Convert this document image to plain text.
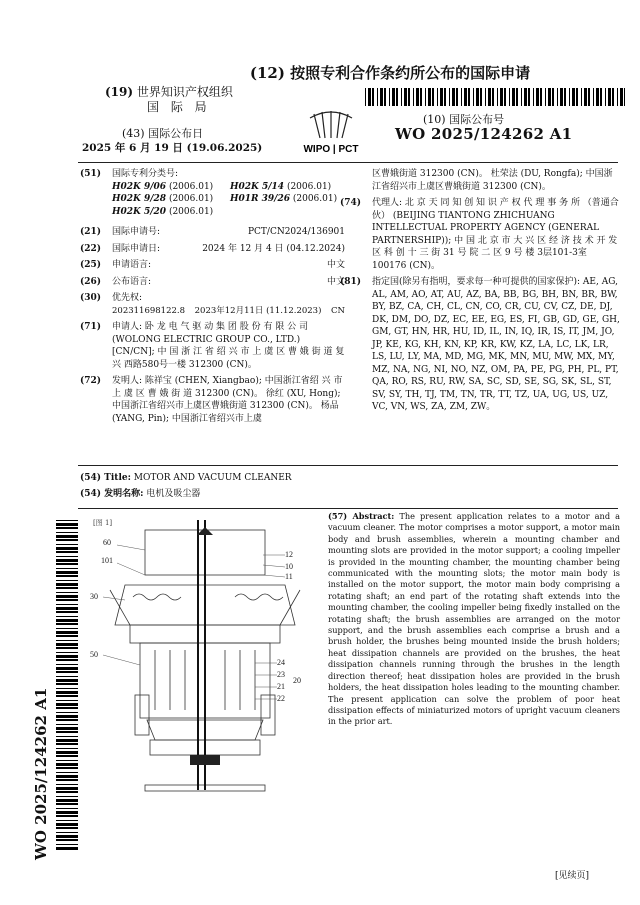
(12) 按照专利合作条约所公布的国际申请
(19) 世界知识产权组织
国 际 局
(43) 国际公布日
2025 年 6 月 19 日 (19.06.2025)	WIPO | PCT
(10) 国际公布号
WO 2025/124262 A1
(51) 国际专利分类号:
H02K 9/06 (2006.01)	H02K 5/14 (2006.01)
H02K 9/28 (2006.01)	H01R 39/26 (2006.01)
H02K 5/20 (2006.01)
(21) 国际申请号:	PCT/CN2024/136901
(22) 国际申请日:	2024 年 12 月 4 日 (04.12.2024)
(25) 申请语言:	中文
(26) 公布语言:	中文
(30) 优先权:
202311698122.8 2023年12月11日 (11.12.2023) CN
(71) 申请人: 卧 龙 电 气 驱 动 集 团 股 份 有 限 公 司 (WOLONG ELECTRIC GROUP CO., LTD.) [CN/CN]; 中 国 浙 江 省 绍 兴 市 上 虞 区 曹 娥 街 道 复 兴 西路580号一楼 312300 (CN)。
(72) 发明人: 陈祥宝 (CHEN, Xiangbao); 中国浙江省绍 兴 市 上 虞 区 曹 娥 街 道 312300 (CN)。 徐红 (XU, Hong); 中国浙江省绍兴市上虞区曹娥街道 312300 (CN)。 杨品 (YANG, Pin); 中国浙江省绍兴市上虞
区曹娥街道 312300 (CN)。 杜荣法 (DU, Rongfa); 中国浙江省绍兴市上虞区曹娥街道 312300 (CN)。
(74) 代理人: 北 京 天 同 知 创 知 识 产 权 代 理 事 务 所 （普通合伙） (BEIJING TIANTONG ZHICHUANG INTELLECTUAL PROPERTY AGENCY (GENERAL PARTNERSHIP)); 中 国 北 京 市 大 兴 区 经 济 技 术 开 发 区 科 创 十 三 街 31 号 院 二 区 9 号 楼 3层101-3室 100176 (CN)。
(81) 指定国(除另有指明，要求每一种可提供的国家保护): AE, AG, AL, AM, AO, AT, AU, AZ, BA, BB, BG, BH, BN, BR, BW, BY, BZ, CA, CH, CL, CN, CO, CR, CU, CV, CZ, DE, DJ, DK, DM, DO, DZ, EC, EE, EG, ES, FI, GB, GD, GE, GH, GM, GT, HN, HR, HU, ID, IL, IN, IQ, IR, IS, IT, JM, JO, JP, KE, KG, KH, KN, KP, KR, KW, KZ, LA, LC, LK, LR, LS, LU, LY, MA, MD, MG, MK, MN, MU, MW, MX, MY, MZ, NA, NG, NI, NO, NZ, OM, PA, PE, PG, PH, PL, PT, QA, RO, RS, RU, RW, SA, SC, SD, SE, SG, SK, SL, ST, SV, SY, TH, TJ, TM, TN, TR, TT, TZ, UA, UG, US, UZ, VC, VN, WS, ZA, ZM, ZW。
(54) Title: MOTOR AND VACUUM CLEANER
(54) 发明名称: 电机及吸尘器
[图 1]
60
101
30
50
12
10
11
24
23
21
22
20
(57) Abstract: The present application relates to a motor and a vacuum cleaner. The motor comprises a motor support, a motor main body and brush assemblies, wherein a mounting chamber and mounting slots are provided in the motor support; a cooling impeller is provided in the mounting chamber, the mounting chamber being communicated with the mounting slots; the motor main body is installed on the motor support, the motor main body comprising a rotating shaft; an end part of the rotating shaft extends into the mounting chamber, the cooling impeller being fixedly installed on the rotating shaft; the brush assemblies are arranged on the motor support, and the brush assemblies each comprise a brush and a brush holder, the brushes being mounted inside the brush holders; heat dissipation channels are provided on the brushes, the heat dissipation channels running through the brushes in the length direction thereof; heat dissipation holes are provided in the brush holders, the heat dissipation holes leading to the mounting chamber. The present application can solve the problem of poor heat dissipation effects of miniaturized motors of upright vacuum cleaners in the prior art.
WO 2025/124262 A1
[见续页]
